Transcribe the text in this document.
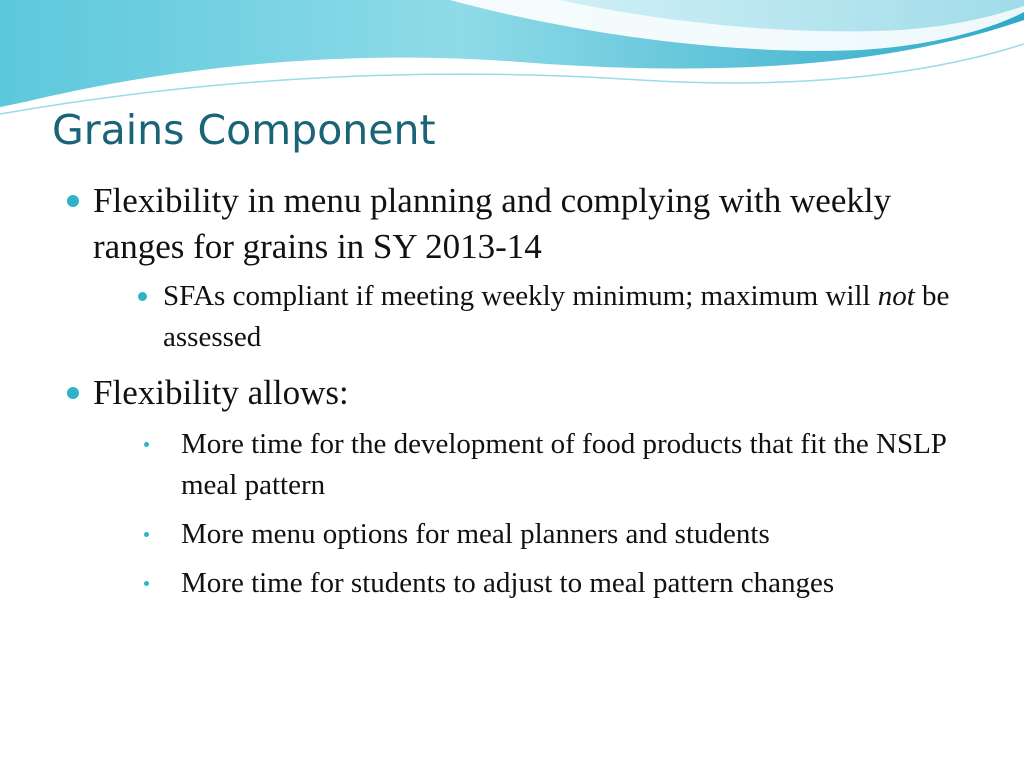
Grains Component
Flexibility in menu planning and complying with weekly ranges for grains in SY 2013-14
SFAs compliant if meeting weekly minimum; maximum will not be assessed
Flexibility allows:
More time for the development of food products that fit the NSLP meal pattern
More menu options for meal planners and students
More time for students to adjust to meal pattern changes
